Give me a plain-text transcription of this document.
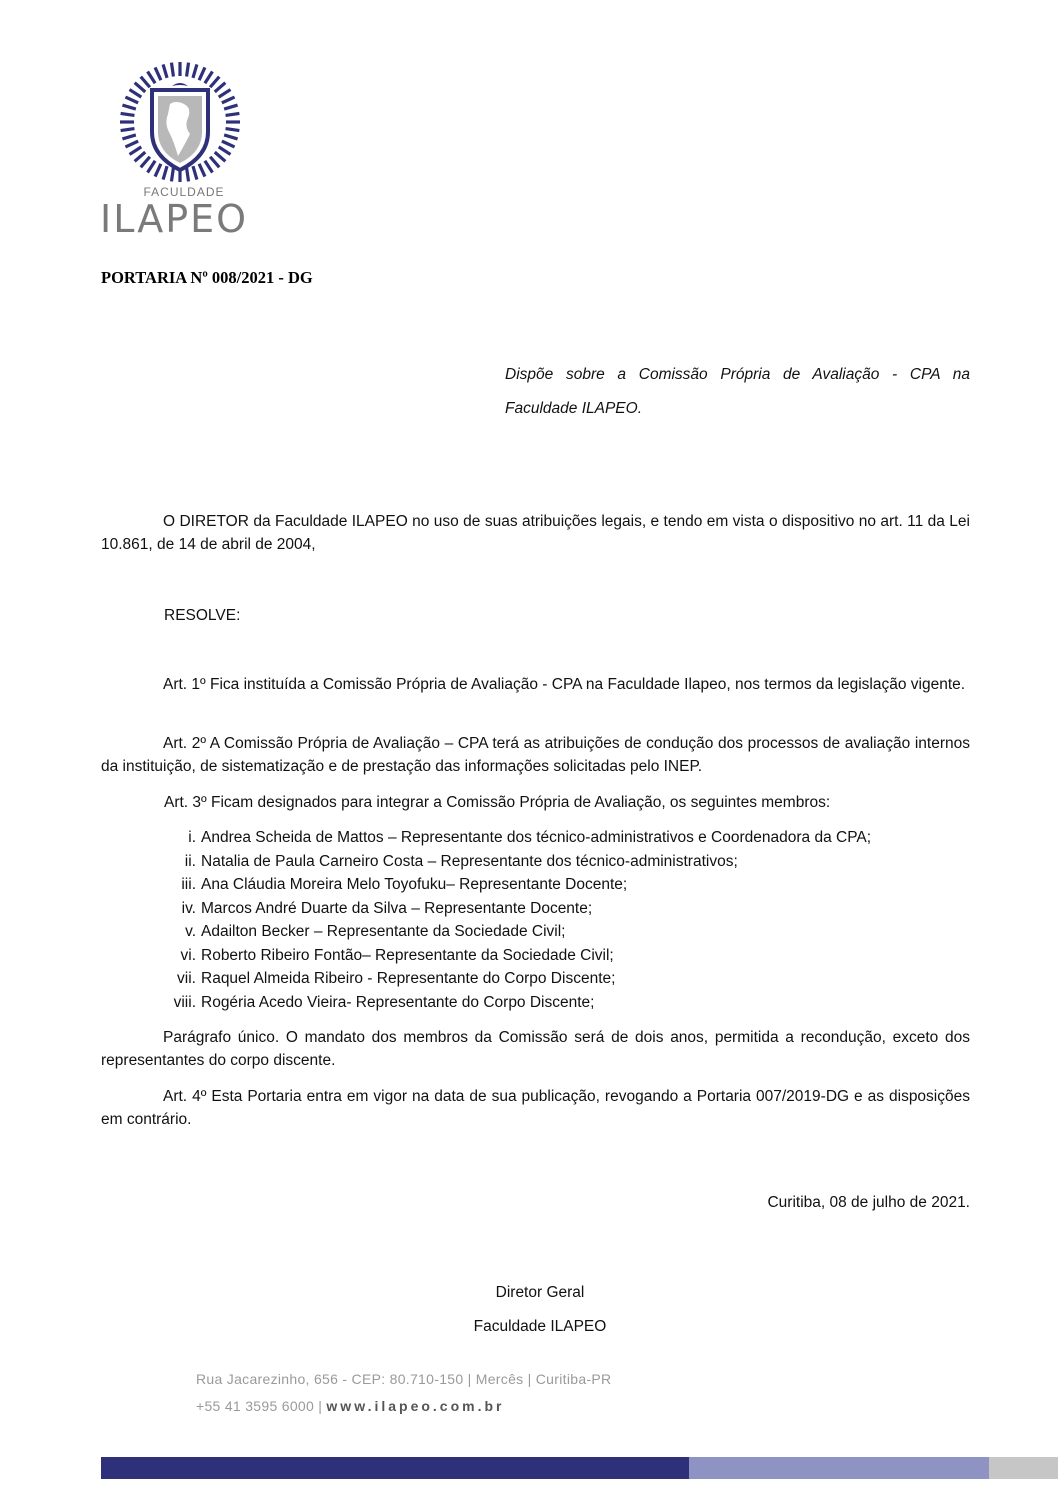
FACULDADE
ILAPEO
PORTARIA Nº 008/2021 - DG
Dispõe sobre a Comissão Própria de Avaliação - CPA na Faculdade ILAPEO.
O DIRETOR da Faculdade ILAPEO no uso de suas atribuições legais, e tendo em vista o dispositivo no art. 11 da Lei 10.861, de 14 de abril de 2004,
RESOLVE:
Art. 1º Fica instituída a Comissão Própria de Avaliação - CPA na Faculdade Ilapeo, nos termos da legislação vigente.
Art. 2º A Comissão Própria de Avaliação – CPA terá as atribuições de condução dos processos de avaliação internos da instituição, de sistematização e de prestação das informações solicitadas pelo INEP.
Art. 3º Ficam designados para integrar a Comissão Própria de Avaliação, os seguintes membros:
i. Andrea Scheida de Mattos – Representante dos técnico-administrativos e Coordenadora da CPA;
ii. Natalia de Paula Carneiro Costa – Representante dos técnico-administrativos;
iii. Ana Cláudia Moreira Melo Toyofuku– Representante Docente;
iv. Marcos André Duarte da Silva – Representante Docente;
v. Adailton Becker – Representante da Sociedade Civil;
vi. Roberto Ribeiro Fontão– Representante da Sociedade Civil;
vii. Raquel Almeida Ribeiro - Representante do Corpo Discente;
viii. Rogéria Acedo Vieira- Representante do Corpo Discente;
Parágrafo único. O mandato dos membros da Comissão será de dois anos, permitida a recondução, exceto dos representantes do corpo discente.
Art. 4º Esta Portaria entra em vigor na data de sua publicação, revogando a Portaria 007/2019-DG e as disposições em contrário.
Curitiba, 08 de julho de 2021.
Diretor Geral
Faculdade ILAPEO
Rua Jacarezinho, 656 - CEP: 80.710-150 | Mercês | Curitiba-PR
+55 41 3595 6000 | www.ilapeo.com.br
